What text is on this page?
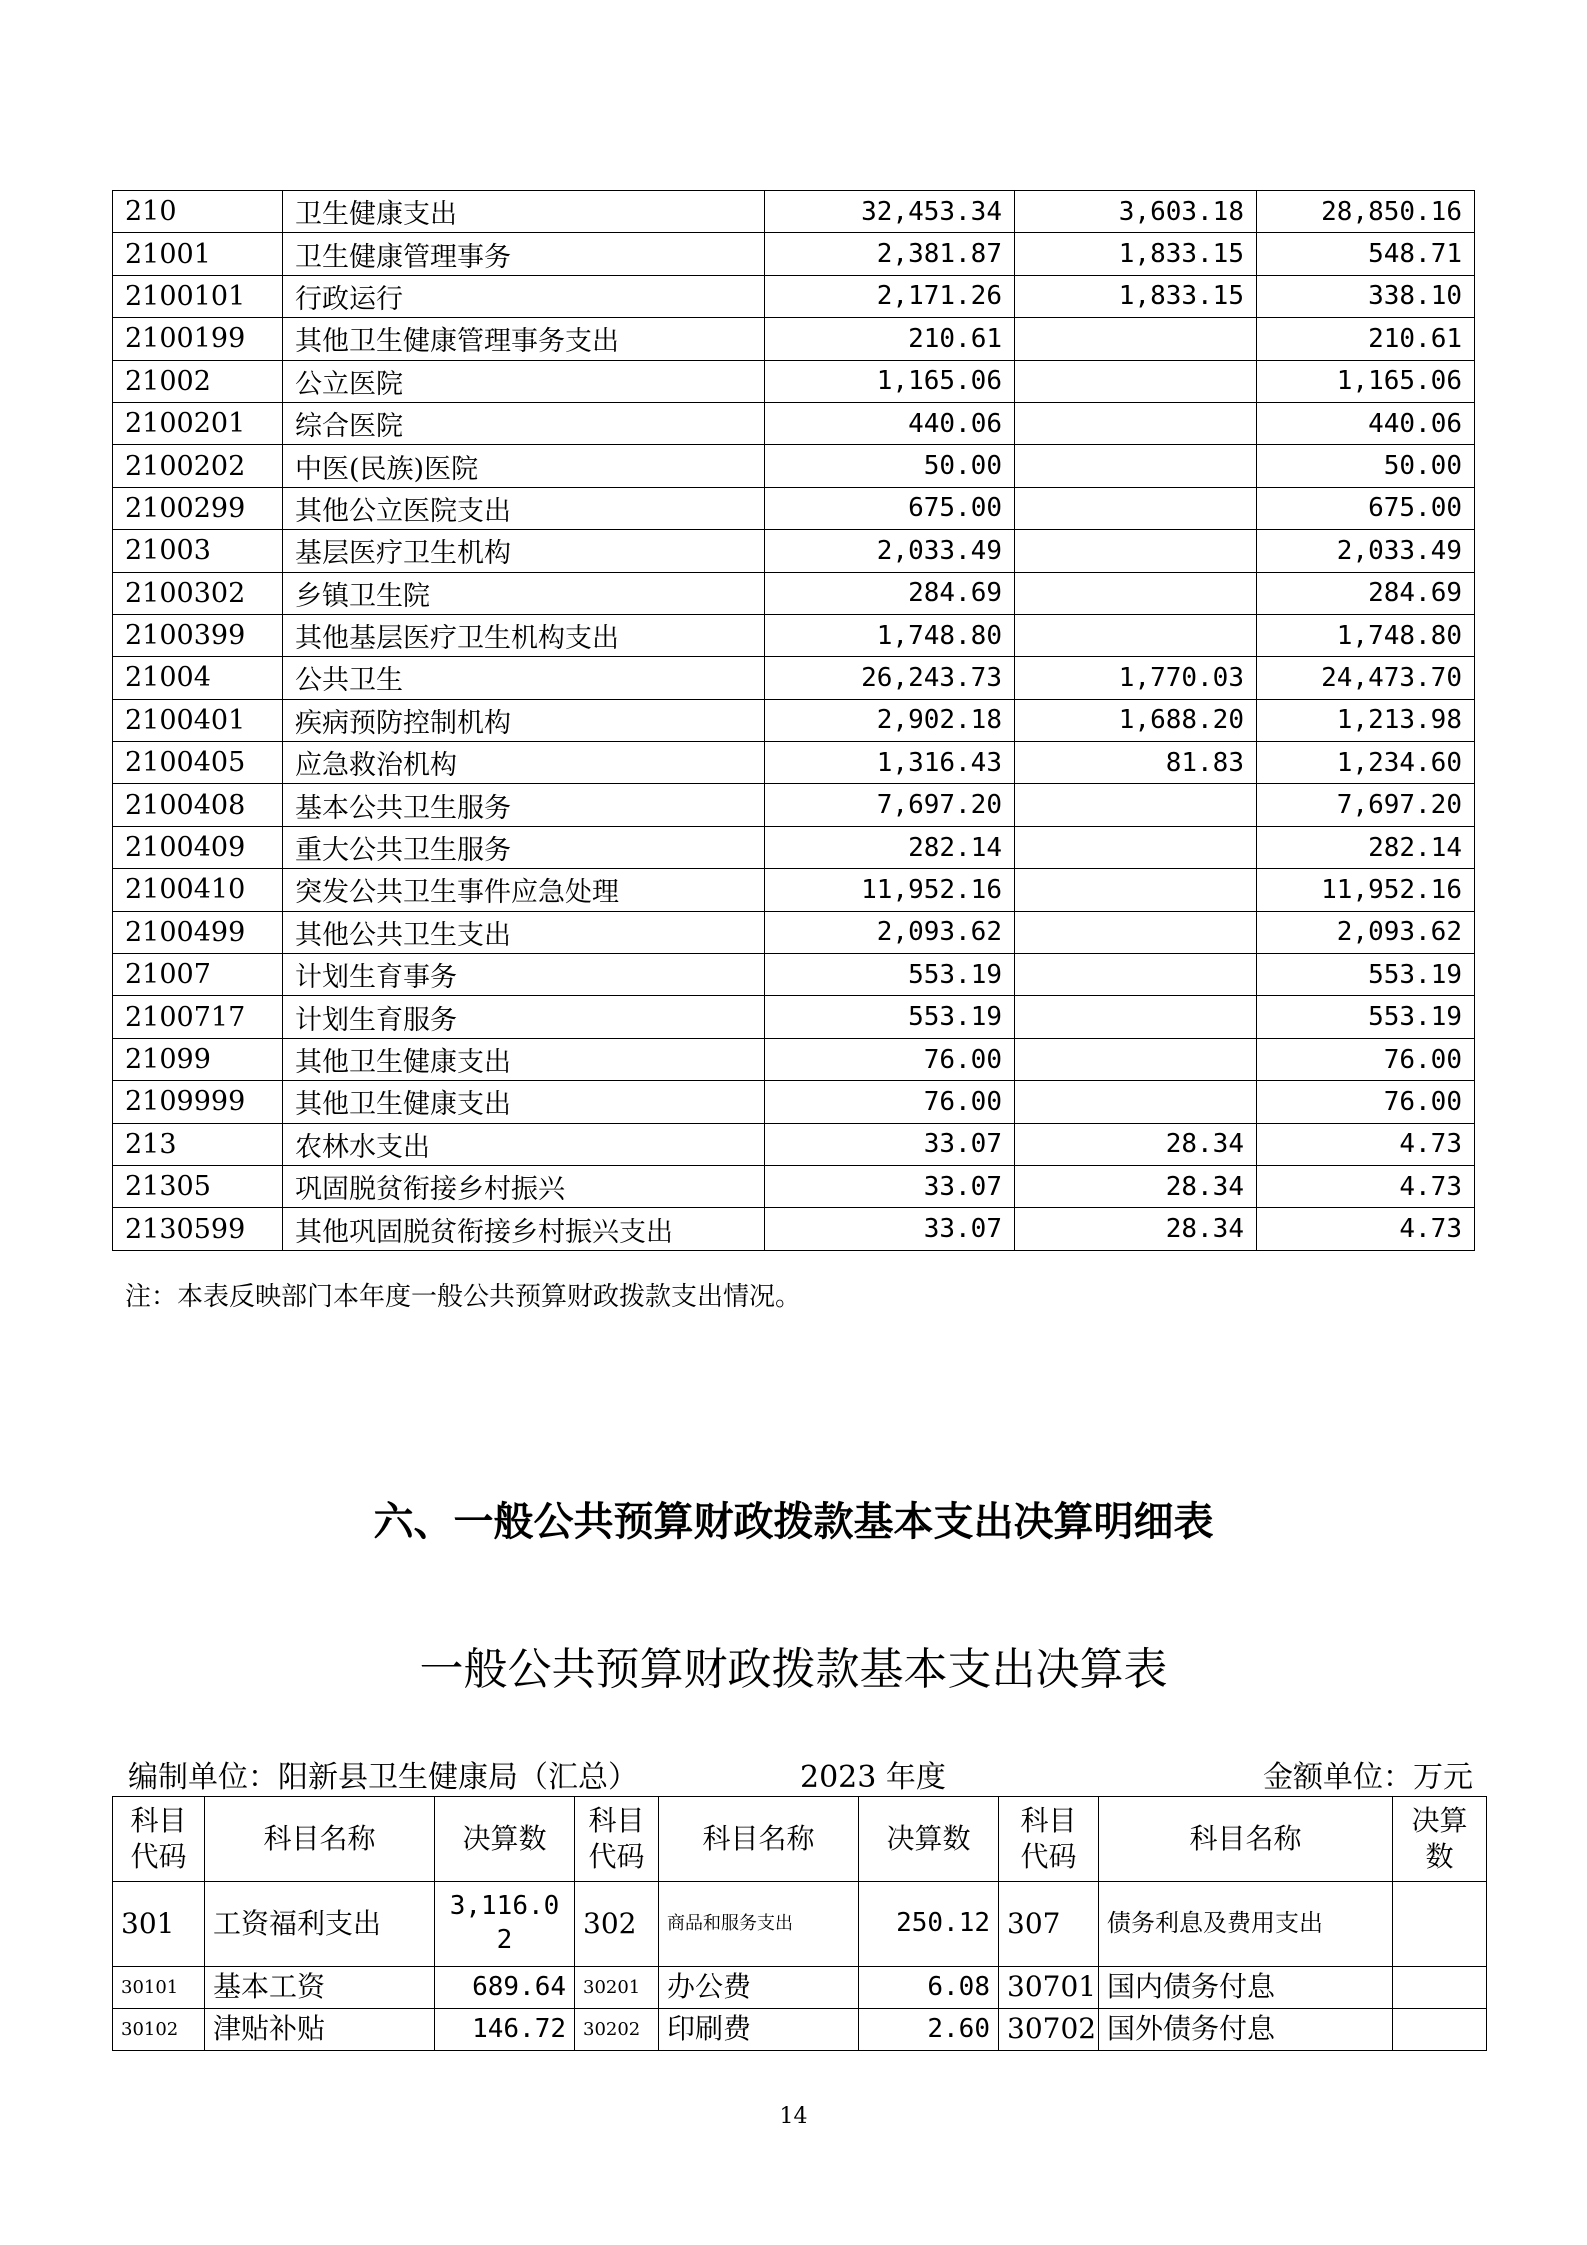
210	卫生健康支出	32,453.34	3,603.18	28,850.16
21001	卫生健康管理事务	2,381.87	1,833.15	548.71
2100101	行政运行	2,171.26	1,833.15	338.10
2100199	其他卫生健康管理事务支出	210.61		210.61
21002	公立医院	1,165.06		1,165.06
2100201	综合医院	440.06		440.06
2100202	中医(民族)医院	50.00		50.00
2100299	其他公立医院支出	675.00		675.00
21003	基层医疗卫生机构	2,033.49		2,033.49
2100302	乡镇卫生院	284.69		284.69
2100399	其他基层医疗卫生机构支出	1,748.80		1,748.80
21004	公共卫生	26,243.73	1,770.03	24,473.70
2100401	疾病预防控制机构	2,902.18	1,688.20	1,213.98
2100405	应急救治机构	1,316.43	81.83	1,234.60
2100408	基本公共卫生服务	7,697.20		7,697.20
2100409	重大公共卫生服务	282.14		282.14
2100410	突发公共卫生事件应急处理	11,952.16		11,952.16
2100499	其他公共卫生支出	2,093.62		2,093.62
21007	计划生育事务	553.19		553.19
2100717	计划生育服务	553.19		553.19
21099	其他卫生健康支出	76.00		76.00
2109999	其他卫生健康支出	76.00		76.00
213	农林水支出	33.07	28.34	4.73
21305	巩固脱贫衔接乡村振兴	33.07	28.34	4.73
2130599	其他巩固脱贫衔接乡村振兴支出	33.07	28.34	4.73
注：本表反映部门本年度一般公共预算财政拨款支出情况。
六、一般公共预算财政拨款基本支出决算明细表
一般公共预算财政拨款基本支出决算表
编制单位：阳新县卫生健康局（汇总）	2023 年度	金额单位：万元
科目代码	科目名称	决算数	科目代码	科目名称	决算数	科目代码	科目名称	决算数
301	工资福利支出	3,116.02	302	商品和服务支出	250.12	307	债务利息及费用支出	
30101	基本工资	689.64	30201	办公费	6.08	30701	国内债务付息	
30102	津贴补贴	146.72	30202	印刷费	2.60	30702	国外债务付息	
14
